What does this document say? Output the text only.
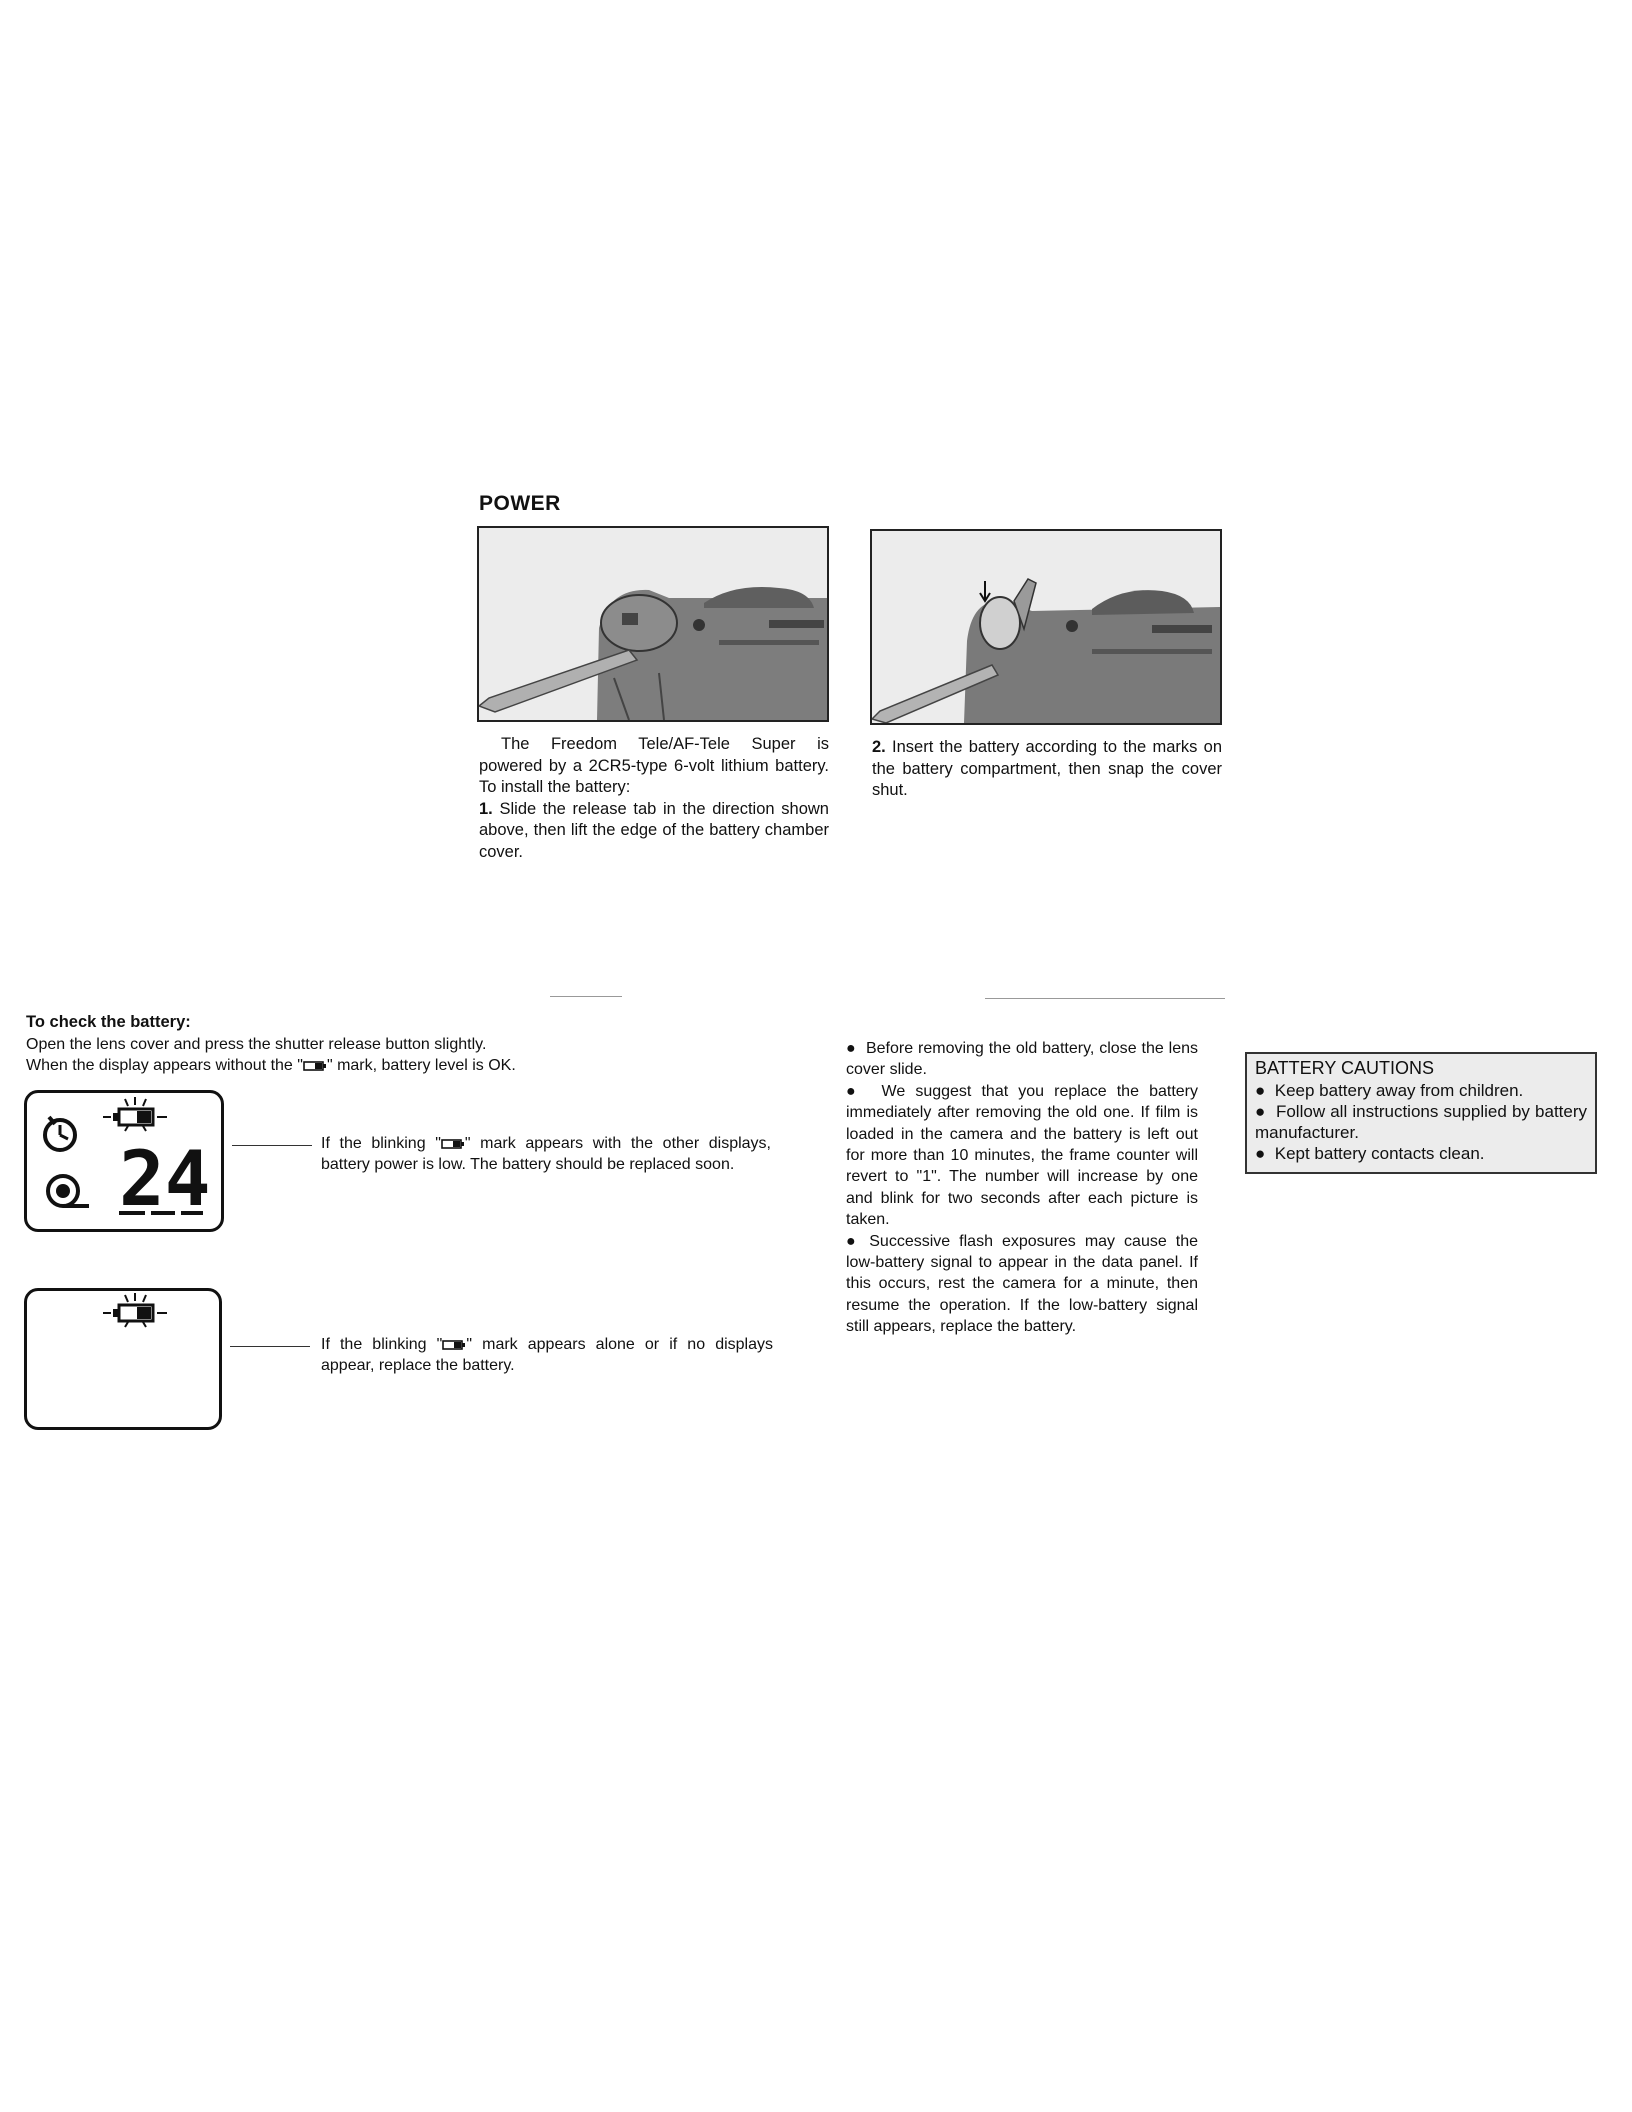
POWER

The Freedom Tele/AF-Tele Super is powered by a 2CR5-type 6-volt lithium battery. To install the battery:

1. Slide the release tab in the direction shown above, then lift the edge of the battery chamber cover.

2. Insert the battery according to the marks on the battery compartment, then snap the cover shut.

To check the battery:
Open the lens cover and press the shutter release button slightly.
When the display appears without the " " mark, battery level is OK.
24	If the blinking " " mark appears with the other displays, battery power is low. The battery should be replaced soon.
If the blinking " " mark appears alone or if no displays appear, replace the battery.

● Before removing the old battery, close the lens cover slide.

● We suggest that you replace the battery immediately after removing the old one. If film is loaded in the camera and the battery is left out for more than 10 minutes, the frame counter will revert to "1". The number will increase by one and blink for two seconds after each picture is taken.

● Successive flash exposures may cause the low-battery signal to appear in the data panel. If this occurs, rest the camera for a minute, then resume the operation. If the low-battery signal still appears, replace the battery.

BATTERY CAUTIONS

● Keep battery away from children.

● Follow all instructions supplied by battery manufacturer.

● Kept battery contacts clean.
